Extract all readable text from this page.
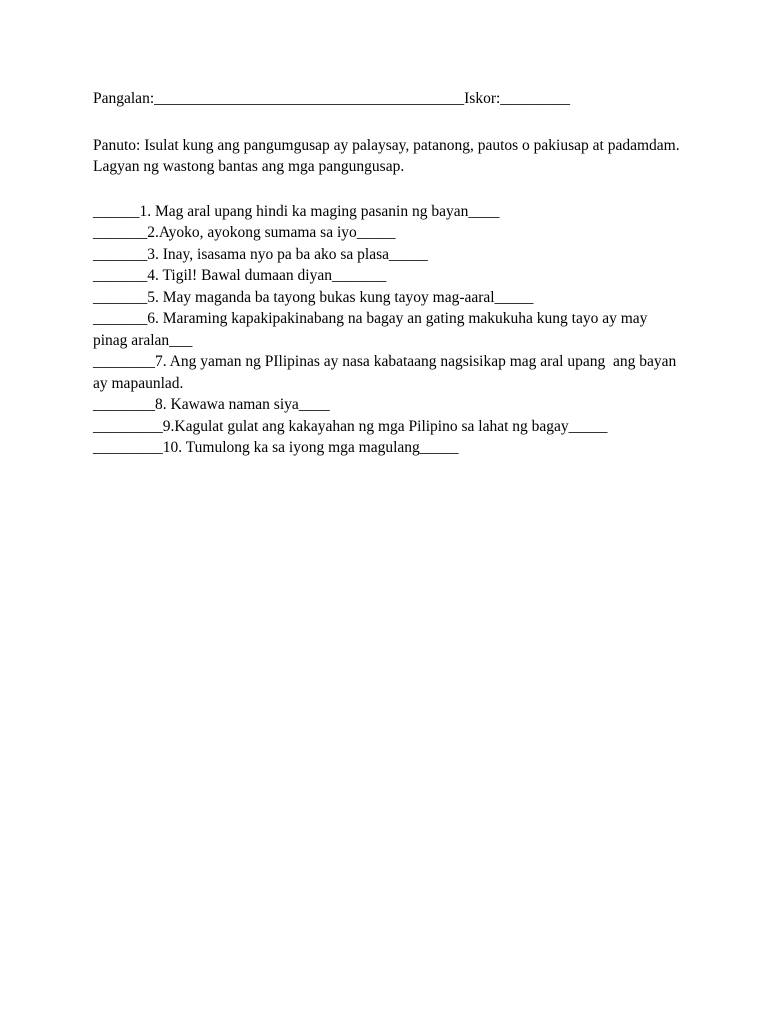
Pangalan:________________________________________Iskor:_________

Panuto: Isulat kung ang pangumgusap ay palaysay, patanong, pautos o pakiusap at padamdam. Lagyan ng wastong bantas ang mga pangungusap.

______1. Mag aral upang hindi ka maging pasanin ng bayan____

_______2.Ayoko, ayokong sumama sa iyo_____

_______3. Inay, isasama nyo pa ba ako sa plasa_____

_______4. Tigil! Bawal dumaan diyan_______

_______5. May maganda ba tayong bukas kung tayoy mag-aaral_____

_______6. Maraming kapakipakinabang na bagay an gating makukuha kung tayo ay may pinag aralan___

________7. Ang yaman ng PIlipinas ay nasa kabataang nagsisikap mag aral upang  ang bayan ay mapaunlad.

________8. Kawawa naman siya____

_________9.Kagulat gulat ang kakayahan ng mga Pilipino sa lahat ng bagay_____

_________10. Tumulong ka sa iyong mga magulang_____
